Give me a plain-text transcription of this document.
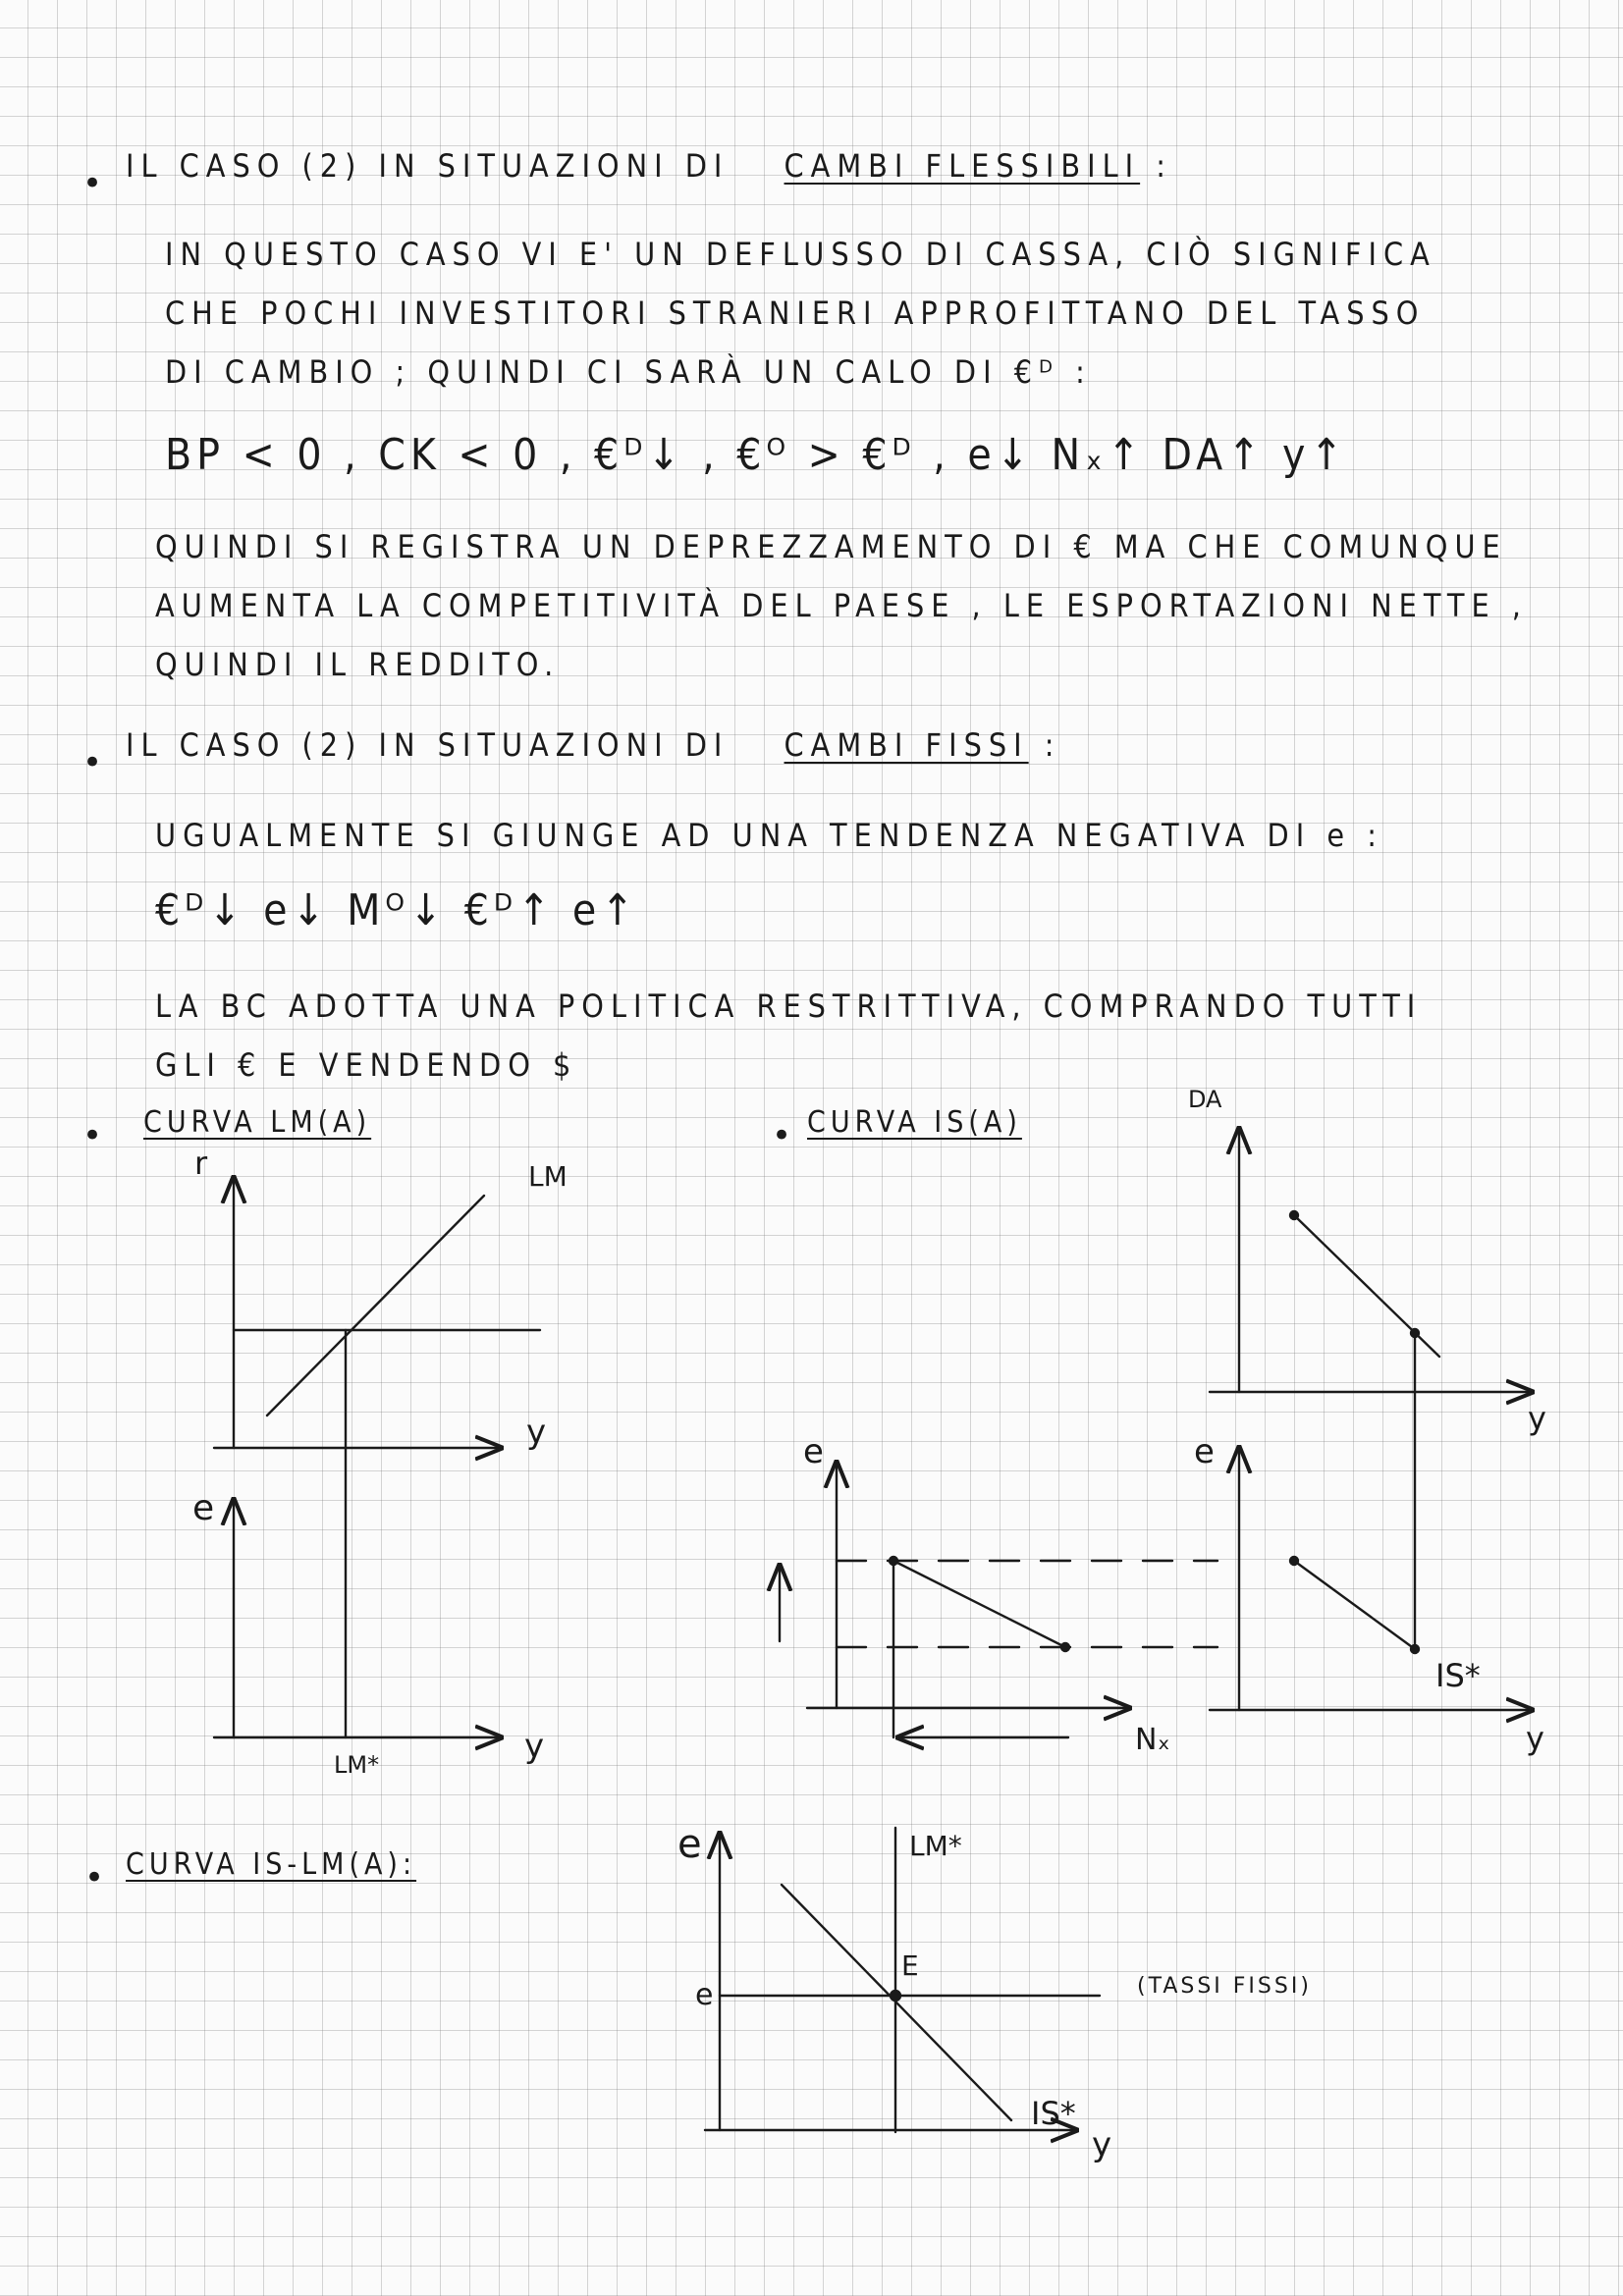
• IL CASO (2) IN SITUAZIONI DI CAMBI FLESSIBILI :
IN QUESTO CASO VI E' UN DEFLUSSO DI CASSA, CIÒ SIGNIFICA
CHE POCHI INVESTITORI STRANIERI APPROFITTANO DEL TASSO
DI CAMBIO ; QUINDI CI SARÀ UN CALO DI €ᴰ :
BP < 0 , CK < 0 , €ᴰ↓ , €ᴼ > €ᴰ , e↓ Nₓ↑ DA↑ y↑
QUINDI SI REGISTRA UN DEPREZZAMENTO DI € MA CHE COMUNQUE
AUMENTA LA COMPETITIVITÀ DEL PAESE , LE ESPORTAZIONI NETTE ,
QUINDI IL REDDITO.
• IL CASO (2) IN SITUAZIONI DI CAMBI FISSI :
UGUALMENTE SI GIUNGE AD UNA TENDENZA NEGATIVA DI e :
€ᴰ↓ e↓ Mᴼ↓ €ᴰ↑ e↑
LA BC ADOTTA UNA POLITICA RESTRITTIVA, COMPRANDO TUTTI
GLI € E VENDENDO $
• CURVA LM(A)	• CURVA IS(A)
• CURVA IS-LM(A):
r	LM
y
e
y
LM*
DA
y
e
Nₓ
e
y
IS*
e	LM*
E
e	(TASSI FISSI)
IS*
y
